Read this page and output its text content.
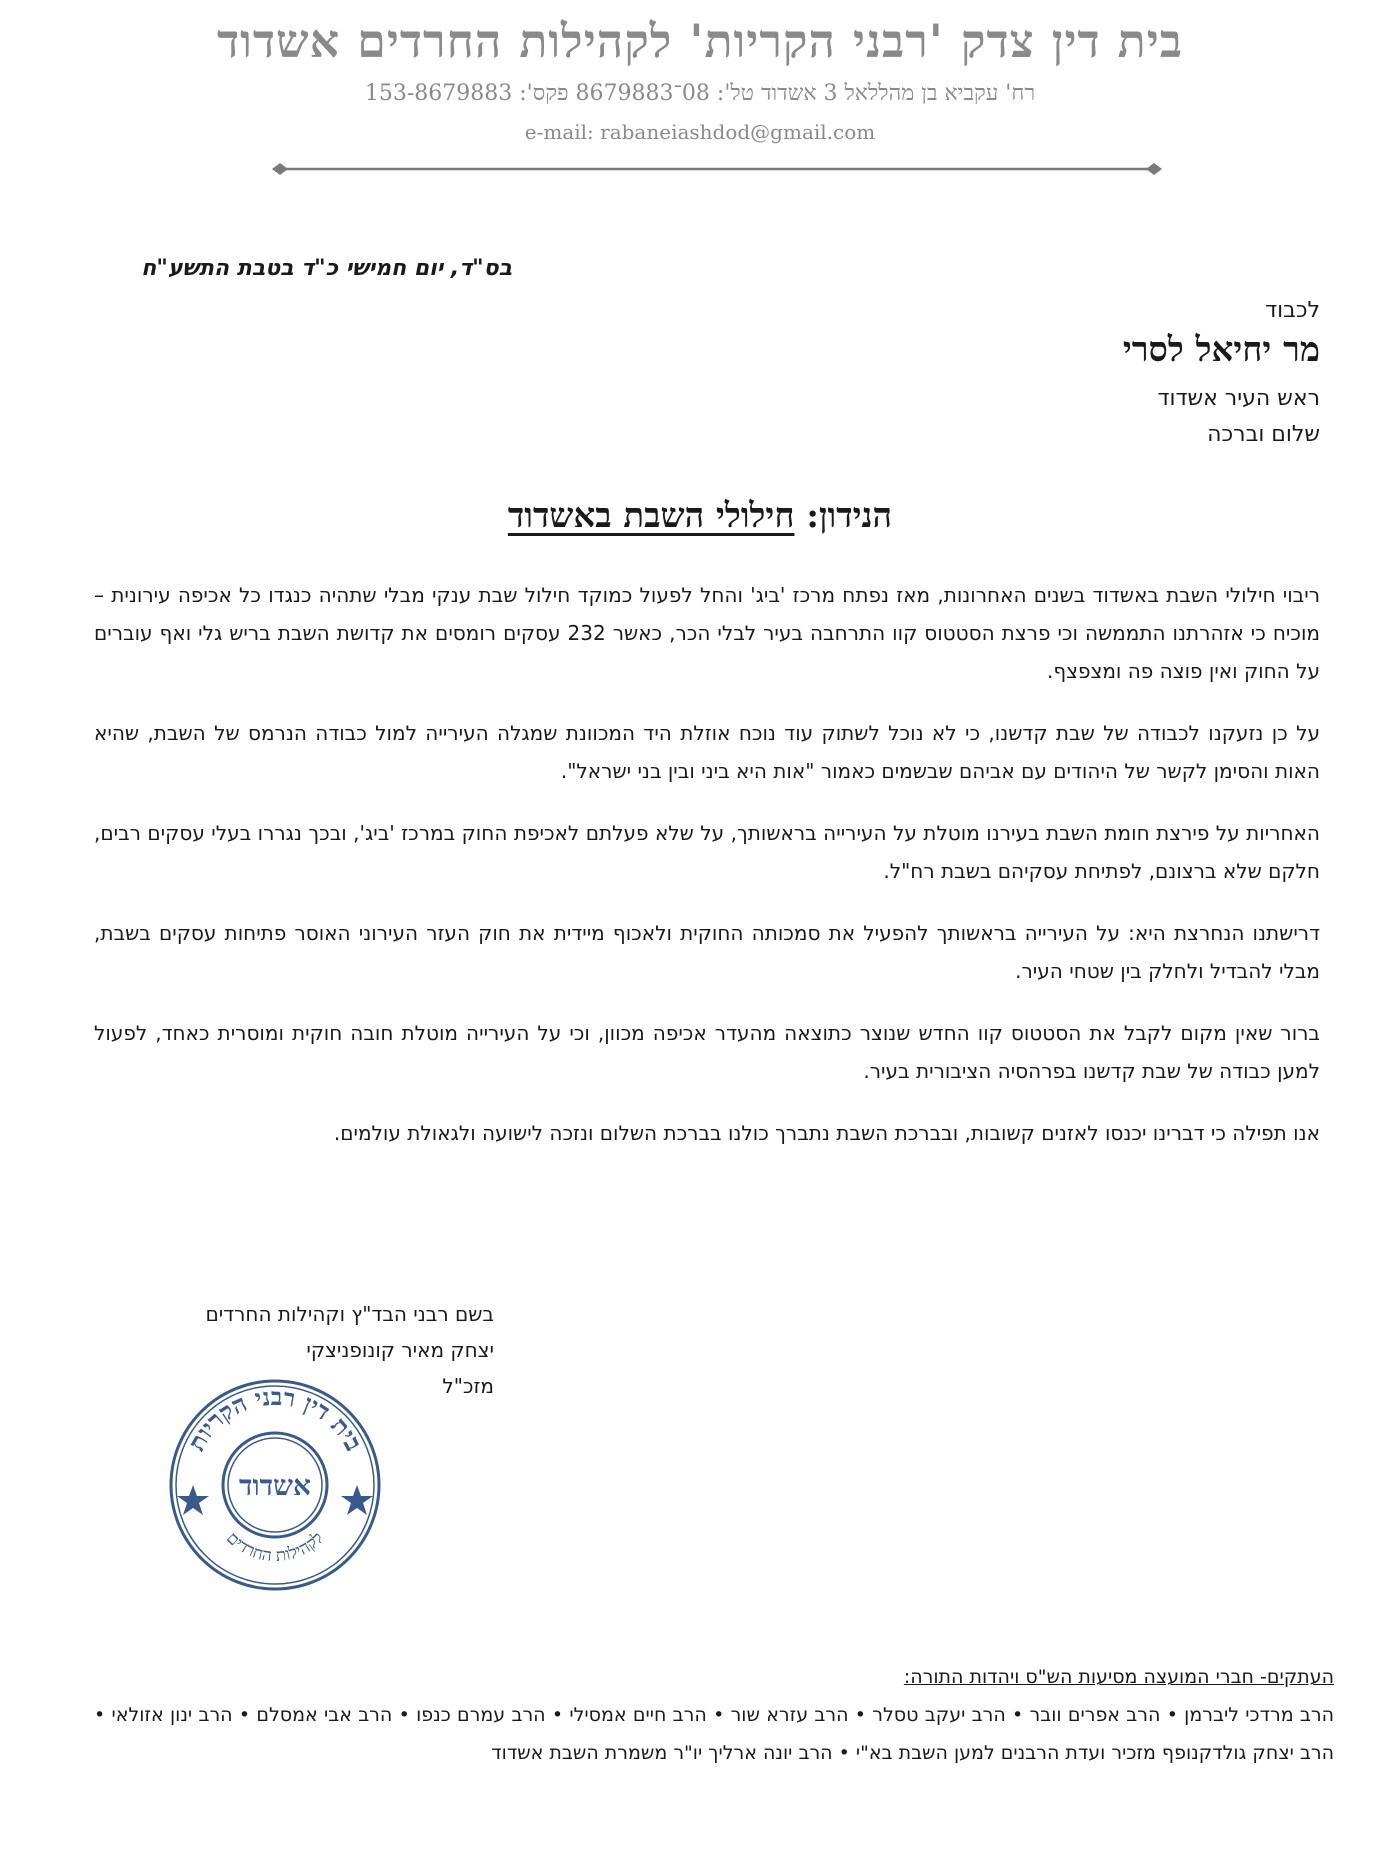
בית דין צדק 'רבני הקריות' לקהילות החרדים אשדוד
רח' עקביא בן מהללאל 3 אשדוד טל': 08־8679883 פקס': 153-8679883
e-mail: rabaneiashdod@gmail.com
בס"ד, יום חמישי כ"ד בטבת התשע"ח
לכבוד
מר יחיאל לסרי
ראש העיר אשדוד
שלום וברכה
הנידון: חילולי השבת באשדוד

ריבוי חילולי השבת באשדוד בשנים האחרונות, מאז נפתח מרכז 'ביג' והחל לפעול כמוקד חילול שבת ענקי מבלי שתהיה כנגדו כל אכיפה עירונית – מוכיח כי אזהרתנו התממשה וכי פרצת הסטטוס קוו התרחבה בעיר לבלי הכר, כאשר 232 עסקים רומסים את קדושת השבת בריש גלי ואף עוברים על החוק ואין פוצה פה ומצפצף.

על כן נזעקנו לכבודה של שבת קדשנו, כי לא נוכל לשתוק עוד נוכח אוזלת היד המכוונת שמגלה העירייה למול כבודה הנרמס של השבת, שהיא האות והסימן לקשר של היהודים עם אביהם שבשמים כאמור "אות היא ביני ובין בני ישראל".

האחריות על פירצת חומת השבת בעירנו מוטלת על העירייה בראשותך, על שלא פעלתם לאכיפת החוק במרכז 'ביג', ובכך נגררו בעלי עסקים רבים, חלקם שלא ברצונם, לפתיחת עסקיהם בשבת רח"ל.

דרישתנו הנחרצת היא: על העירייה בראשותך להפעיל את סמכותה החוקית ולאכוף מיידית את חוק העזר העירוני האוסר פתיחות עסקים בשבת, מבלי להבדיל ולחלק בין שטחי העיר.

ברור שאין מקום לקבל את הסטטוס קוו החדש שנוצר כתוצאה מהעדר אכיפה מכוון, וכי על העירייה מוטלת חובה חוקית ומוסרית כאחד, לפעול למען כבודה של שבת קדשנו בפרהסיה הציבורית בעיר.

אנו תפילה כי דברינו יכנסו לאזנים קשובות, ובברכת השבת נתברך כולנו בברכת השלום ונזכה לישועה ולגאולת עולמים.

בשם רבני הבד"ץ וקהילות החרדים
יצחק מאיר קונופניצקי
מזכ"ל
בית דין רבני הקריות
אשדוד
לקהילות החרדים
העתקים- חברי המועצה מסיעות הש"ס ויהדות התורה:
הרב מרדכי ליברמן • הרב אפרים וובר • הרב יעקב טסלר • הרב עזרא שור • הרב חיים אמסילי • הרב עמרם כנפו • הרב אבי אמסלם • הרב ינון אזולאי • הרב יצחק גולדקנופף מזכיר ועדת הרבנים למען השבת בא"י • הרב יונה ארליך יו"ר משמרת השבת אשדוד
